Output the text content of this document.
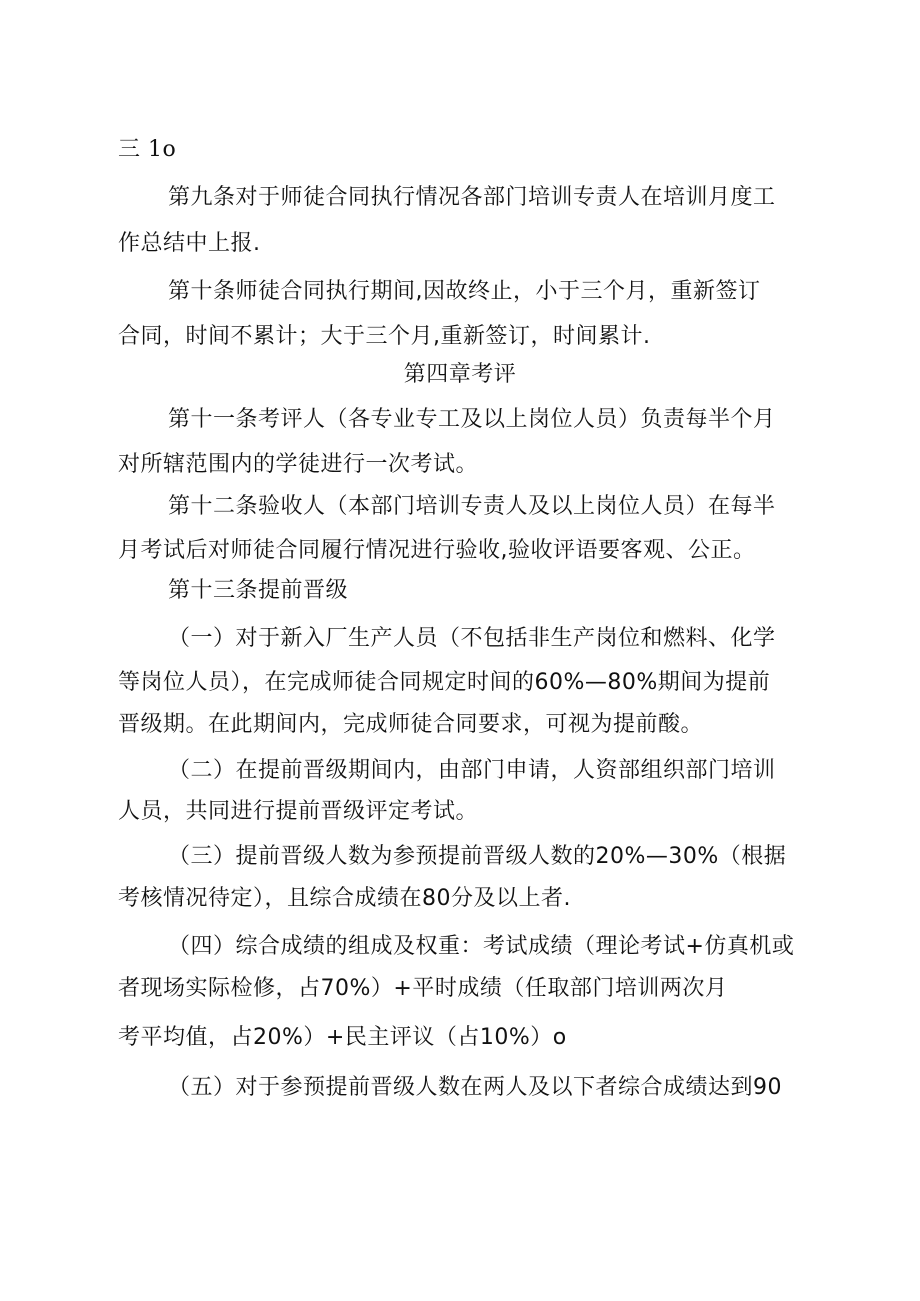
三 1o
第九条对于师徒合同执行情况各部门培训专责人在培训月度工
作总结中上报.
第十条师徒合同执行期间,因故终止，小于三个月，重新签订
合同，时间不累计；大于三个月,重新签订，时间累计.
第四章考评
第十一条考评人（各专业专工及以上岗位人员）负责每半个月
对所辖范围内的学徒进行一次考试。
第十二条验收人（本部门培训专责人及以上岗位人员）在每半
月考试后对师徒合同履行情况进行验收,验收评语要客观、公正。
第十三条提前晋级
（一）对于新入厂生产人员（不包括非生产岗位和燃料、化学
等岗位人员），在完成师徒合同规定时间的60%—80%期间为提前
晋级期。在此期间内，完成师徒合同要求，可视为提前酸。
（二）在提前晋级期间内，由部门申请，人资部组织部门培训
人员，共同进行提前晋级评定考试。
（三）提前晋级人数为参预提前晋级人数的20%—30%（根据
考核情况待定），且综合成绩在80分及以上者.
（四）综合成绩的组成及权重：考试成绩（理论考试+仿真机或
者现场实际检修，占70%）+平时成绩（任取部门培训两次月
考平均值，占20%）+民主评议（占10%）o
（五）对于参预提前晋级人数在两人及以下者综合成绩达到90
